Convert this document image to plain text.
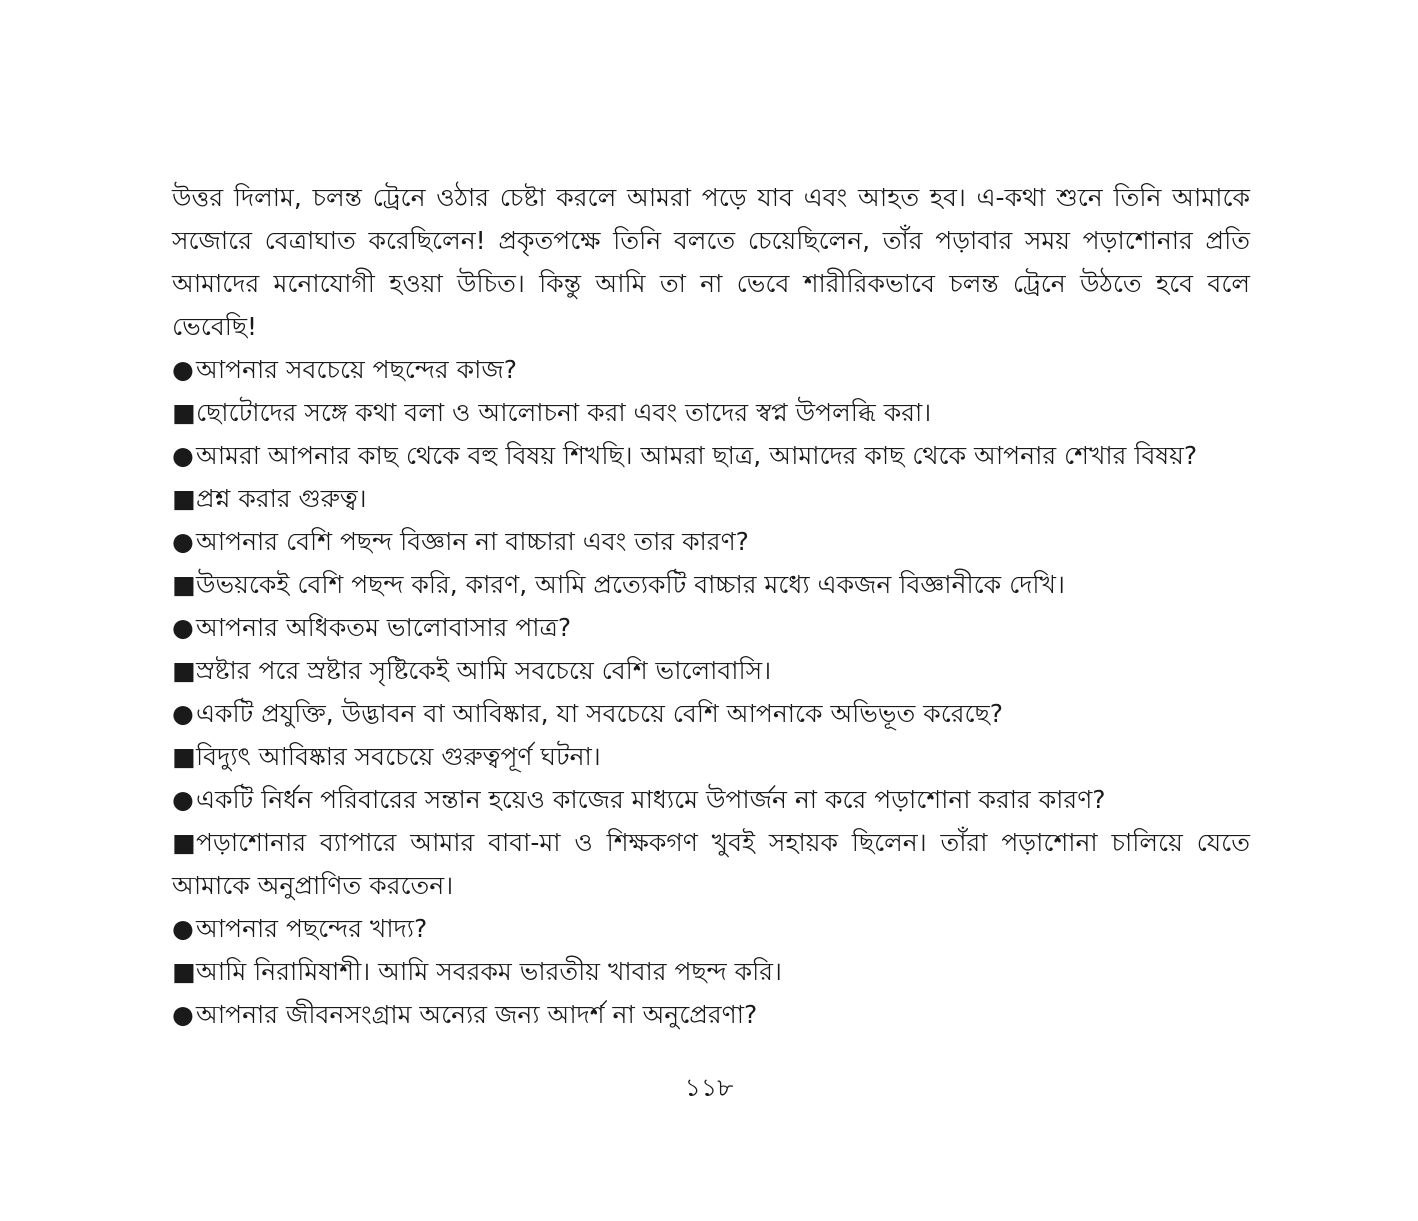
উত্তর দিলাম, চলন্ত ট্রেনে ওঠার চেষ্টা করলে আমরা পড়ে যাব এবং আহত হব। এ-কথা শুনে তিনি আমাকে সজোরে বেত্রাঘাত করেছিলেন! প্রকৃতপক্ষে তিনি বলতে চেয়েছিলেন, তাঁর পড়াবার সময় পড়াশোনার প্রতি আমাদের মনোযোগী হওয়া উচিত। কিন্তু আমি তা না ভেবে শারীরিকভাবে চলন্ত ট্রেনে উঠতে হবে বলে ভেবেছি!

●আপনার সবচেয়ে পছন্দের কাজ?
■ছোটোদের সঙ্গে কথা বলা ও আলোচনা করা এবং তাদের স্বপ্ন উপলব্ধি করা।
●আমরা আপনার কাছ থেকে বহু বিষয় শিখছি। আমরা ছাত্র, আমাদের কাছ থেকে আপনার শেখার বিষয়?
■প্রশ্ন করার গুরুত্ব।
●আপনার বেশি পছন্দ বিজ্ঞান না বাচ্চারা এবং তার কারণ?
■উভয়কেই বেশি পছন্দ করি, কারণ, আমি প্রত্যেকটি বাচ্চার মধ্যে একজন বিজ্ঞানীকে দেখি।
●আপনার অধিকতম ভালোবাসার পাত্র?
■স্রষ্টার পরে স্রষ্টার সৃষ্টিকেই আমি সবচেয়ে বেশি ভালোবাসি।
●একটি প্রযুক্তি, উদ্ভাবন বা আবিষ্কার, যা সবচেয়ে বেশি আপনাকে অভিভূত করেছে?
■বিদ্যুৎ আবিষ্কার সবচেয়ে গুরুত্বপূর্ণ ঘটনা।
●একটি নির্ধন পরিবারের সন্তান হয়েও কাজের মাধ্যমে উপার্জন না করে পড়াশোনা করার কারণ?
■পড়াশোনার ব্যাপারে আমার বাবা-মা ও শিক্ষকগণ খুবই সহায়ক ছিলেন। তাঁরা পড়াশোনা চালিয়ে যেতে আমাকে অনুপ্রাণিত করতেন।
●আপনার পছন্দের খাদ্য?
■আমি নিরামিষাশী। আমি সবরকম ভারতীয় খাবার পছন্দ করি।
●আপনার জীবনসংগ্রাম অন্যের জন্য আদর্শ না অনুপ্রেরণা?
১১৮
